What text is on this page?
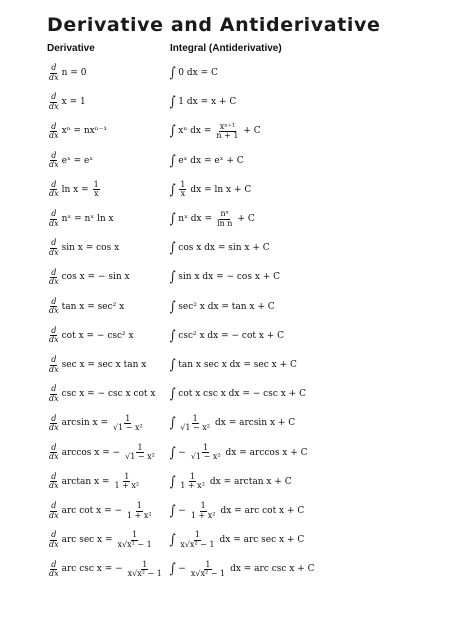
Derivative and Antiderivative
Derivative	Integral (Antiderivative)
$\frac{d}{dx}$ n = 0	∫ 0 dx = C
$\frac{d}{dx}$ x = 1	∫ 1 dx = x + C
$\frac{d}{dx}$ xⁿ = nxⁿ⁻¹	∫ xⁿ dx = $\frac{\text{xⁿ⁺¹}}{n + 1} + C$
$\frac{d}{dx}$ eˣ = eˣ	∫ eˣ dx = eˣ + C
$\frac{d}{dx}$ $\ln x = \frac{1}{x}$	∫ $\frac{1}{x}$ dx = ln x + C
$\frac{d}{dx}$ nˣ = nˣ ln x	∫ nˣ dx = $\frac{\text{nˣ}}{\text{ln n}} + C$
$\frac{d}{dx}$ sin x = cos x	∫ cos x dx = sin x + C
$\frac{d}{dx}$ cos x = − sin x	∫ sin x dx = − cos x + C
$\frac{d}{dx}$ tan x = sec² x	∫ sec² x dx = tan x + C
$\frac{d}{dx}$ cot x = − csc² x	∫ csc² x dx = − cot x + C
$\frac{d}{dx}$ sec x = sec x tan x ∫ tan x sec x dx = sec x + C
$\frac{d}{dx}$ csc x = − csc x cot x ∫ cot x csc x dx = − csc x + C
$\frac{d}{dx}$ $\arcsin x = \frac{1}{\text{√1 − x²}}$ ∫ $\frac{1}{\text{√1 − x²}}$ dx = arcsin x + C
$\frac{d}{dx}$ arccos x = − $\frac{1}{\text{√1 − x²}}$ ∫ − $\frac{1}{\text{√1 − x²}}$ dx = arccos x + C
$\frac{d}{dx}$ $\arctan x = \frac{1}{\text{1 + x²}}$ ∫ $\frac{1}{\text{1 + x²}}$ dx = arctan x + C
$\frac{d}{dx}$ arc cot x = − $\frac{1}{\text{1 + x²}}$ ∫ − $\frac{1}{\text{1 + x²}}$ dx = arc cot x + C
$\frac{d}{dx}$ arc $\sec x = \frac{1}{\text{x√x² − 1}}$ ∫ $\frac{1}{\text{x√x² − 1}}$ dx = arc sec x + C
$\frac{d}{dx}$ arc csc x = − $\frac{1}{\text{x√x² − 1}}$ ∫ − $\frac{1}{\text{x√x² − 1}}$ dx = arc csc x + C
